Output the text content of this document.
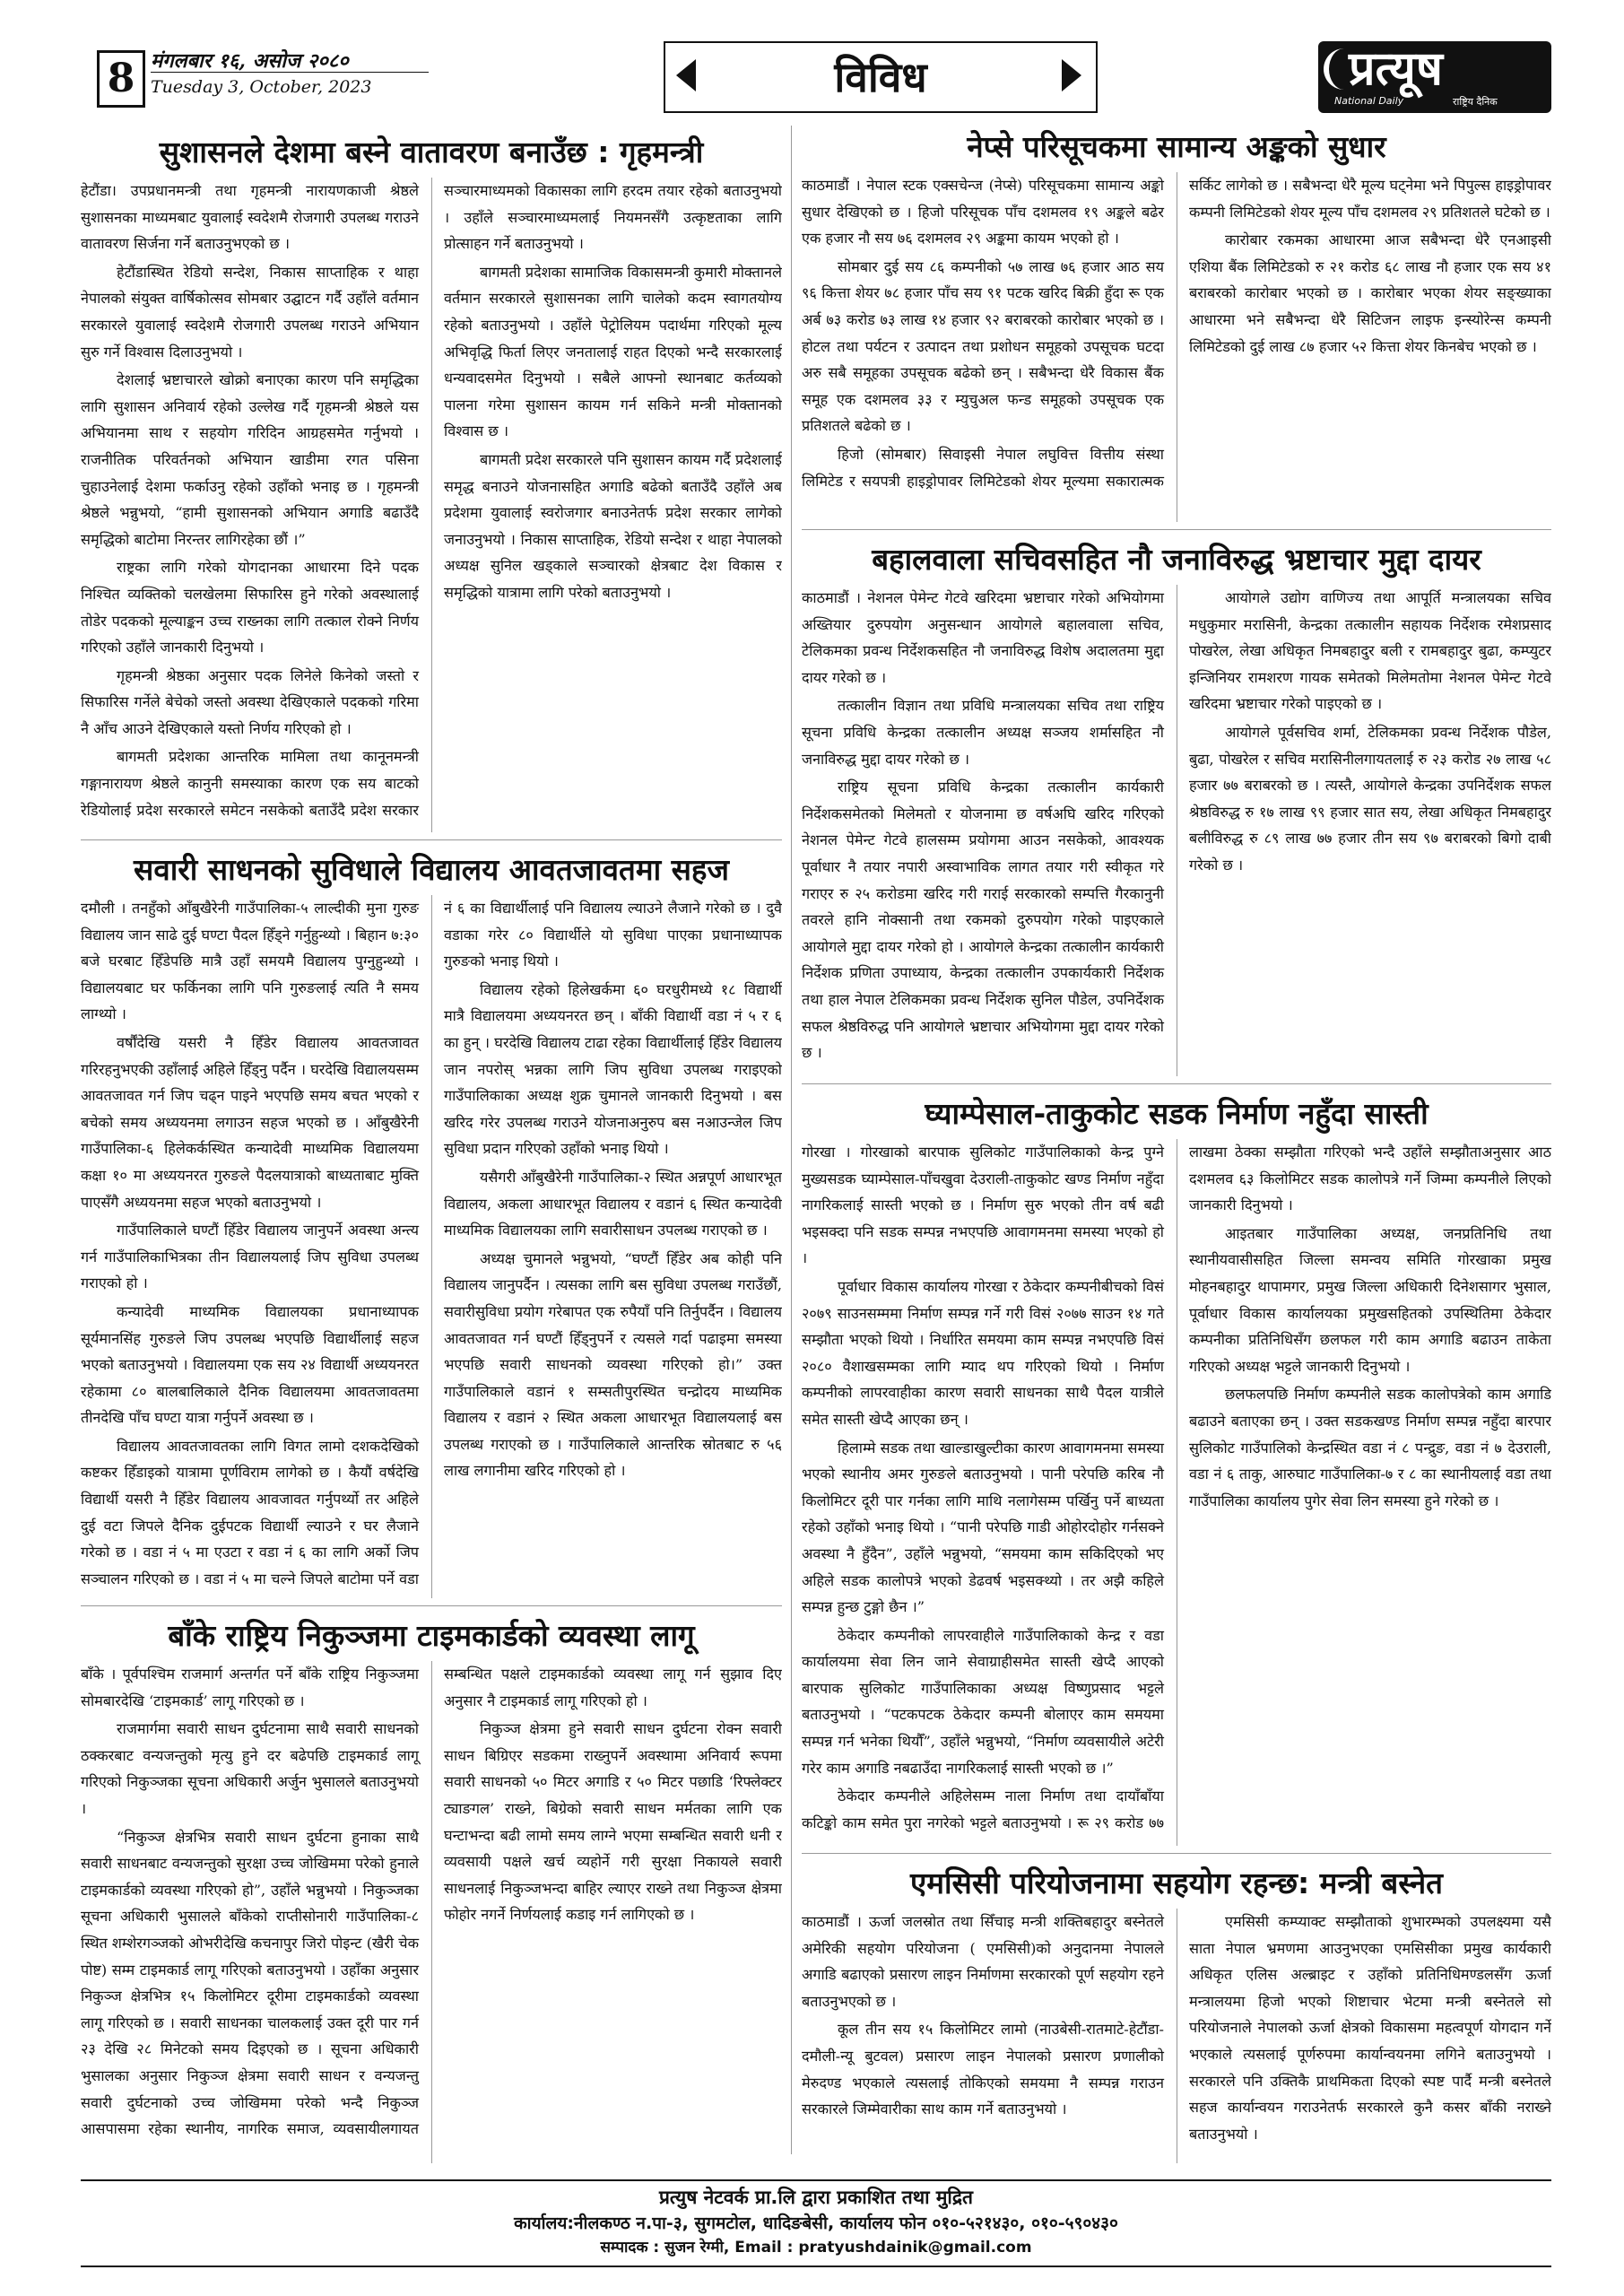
8 मंगलबार १६, असोज २०८०
Tuesday 3, October, 2023	विविध	प्रत्यूष
National Daily	राष्ट्रिय दैनिक
सुशासनले देशमा बस्ने वातावरण बनाउँछ : गृहमन्त्री

हेटौंडा। उपप्रधानमन्त्री तथा गृहमन्त्री नारायणकाजी श्रेष्ठले सुशासनका माध्यमबाट युवालाई स्वदेशमै रोजगारी उपलब्ध गराउने वातावरण सिर्जना गर्ने बताउनुभएको छ ।

हेटौंडास्थित रेडियो सन्देश, निकास साप्ताहिक र थाहा नेपालको संयुक्त वार्षिकोत्सव सोमबार उद्घाटन गर्दै उहाँले वर्तमान सरकारले युवालाई स्वदेशमै रोजगारी उपलब्ध गराउने अभियान सुरु गर्ने विश्वास दिलाउनुभयो ।

देशलाई भ्रष्टाचारले खोक्रो बनाएका कारण पनि समृद्धिका लागि सुशासन अनिवार्य रहेको उल्लेख गर्दै गृहमन्त्री श्रेष्ठले यस अभियानमा साथ र सहयोग गरिदिन आग्रहसमेत गर्नुभयो । राजनीतिक परिवर्तनको अभियान खाडीमा रगत पसिना चुहाउनेलाई देशमा फर्काउनु रहेको उहाँको भनाइ छ । गृहमन्त्री श्रेष्ठले भन्नुभयो, “हामी सुशासनको अभियान अगाडि बढाउँदै समृद्धिको बाटोमा निरन्तर लागिरहेका छौं ।”

राष्ट्रका लागि गरेको योगदानका आधारमा दिने पदक निश्चित व्यक्तिको चलखेलमा सिफारिस हुने गरेको अवस्थालाई तोडेर पदकको मूल्याङ्कन उच्च राख्नका लागि तत्काल रोक्ने निर्णय गरिएको उहाँले जानकारी दिनुभयो ।

गृहमन्त्री श्रेष्ठका अनुसार पदक लिनेले किनेको जस्तो र सिफारिस गर्नेले बेचेको जस्तो अवस्था देखिएकाले पदकको गरिमा नै आँच आउने देखिएकाले यस्तो निर्णय गरिएको हो ।

बागमती प्रदेशका आन्तरिक मामिला तथा कानूनमन्त्री गङ्गानारायण श्रेष्ठले कानुनी समस्याका कारण एक सय बाटको रेडियोलाई प्रदेश सरकारले समेटन नसकेको बताउँदै प्रदेश सरकार सञ्चारमाध्यमको विकासका लागि हरदम तयार रहेको बताउनुभयो । उहाँले सञ्चारमाध्यमलाई नियमनसँगै उत्कृष्टताका लागि प्रोत्साहन गर्ने बताउनुभयो ।

बागमती प्रदेशका सामाजिक विकासमन्त्री कुमारी मोक्तानले वर्तमान सरकारले सुशासनका लागि चालेको कदम स्वागतयोग्य रहेको बताउनुभयो । उहाँले पेट्रोलियम पदार्थमा गरिएको मूल्य अभिवृद्धि फिर्ता लिएर जनतालाई राहत दिएको भन्दै सरकारलाई धन्यवादसमेत दिनुभयो । सबैले आफ्नो स्थानबाट कर्तव्यको पालना गरेमा सुशासन कायम गर्न सकिने मन्त्री मोक्तानको विश्वास छ ।

बागमती प्रदेश सरकारले पनि सुशासन कायम गर्दै प्रदेशलाई समृद्ध बनाउने योजनासहित अगाडि बढेको बताउँदै उहाँले अब प्रदेशमा युवालाई स्वरोजगार बनाउनेतर्फ प्रदेश सरकार लागेको जनाउनुभयो । निकास साप्ताहिक, रेडियो सन्देश र थाहा नेपालको अध्यक्ष सुनिल खड्काले सञ्चारको क्षेत्रबाट देश विकास र समृद्धिको यात्रामा लागि परेको बताउनुभयो ।

सवारी साधनको सुविधाले विद्यालय आवतजावतमा सहज

दमौली । तनहुँको आँबुखैरेनी गाउँपालिका-५ लाल्दीकी मुना गुरुङ विद्यालय जान साढे दुई घण्टा पैदल हिँड्ने गर्नुहुन्थ्यो । बिहान ७:३० बजे घरबाट हिँडेपछि मात्रै उहाँ समयमै विद्यालय पुग्नुहुन्थ्यो । विद्यालयबाट घर फर्किनका लागि पनि गुरुङलाई त्यति नै समय लाग्थ्यो ।

वर्षौंदेखि यसरी नै हिँडेर विद्यालय आवतजावत गरिरहनुभएकी उहाँलाई अहिले हिँड्नु पर्दैन । घरदेखि विद्यालयसम्म आवतजावत गर्न जिप चढ्न पाइने भएपछि समय बचत भएको र बचेको समय अध्ययनमा लगाउन सहज भएको छ । आँबुखैरेनी गाउँपालिका-६ हिलेकर्कस्थित कन्यादेवी माध्यमिक विद्यालयमा कक्षा १० मा अध्ययनरत गुरुङले पैदलयात्राको बाध्यताबाट मुक्ति पाएसँगै अध्ययनमा सहज भएको बताउनुभयो ।

गाउँपालिकाले घण्टौं हिँडेर विद्यालय जानुपर्ने अवस्था अन्त्य गर्न गाउँपालिकाभित्रका तीन विद्यालयलाई जिप सुविधा उपलब्ध गराएको हो ।

कन्यादेवी माध्यमिक विद्यालयका प्रधानाध्यापक सूर्यमानसिंह गुरुङले जिप उपलब्ध भएपछि विद्यार्थीलाई सहज भएको बताउनुभयो । विद्यालयमा एक सय २४ विद्यार्थी अध्ययनरत रहेकामा ८० बालबालिकाले दैनिक विद्यालयमा आवतजावतमा तीनदेखि पाँच घण्टा यात्रा गर्नुपर्ने अवस्था छ ।

विद्यालय आवतजावतका लागि विगत लामो दशकदेखिको कष्टकर हिँडाइको यात्रामा पूर्णविराम लागेको छ । कैयौं वर्षदेखि विद्यार्थी यसरी नै हिँडेर विद्यालय आवजावत गर्नुपर्थ्यो तर अहिले दुई वटा जिपले दैनिक दुईपटक विद्यार्थी ल्याउने र घर लैजाने गरेको छ । वडा नं ५ मा एउटा र वडा नं ६ का लागि अर्को जिप सञ्चालन गरिएको छ । वडा नं ५ मा चल्ने जिपले बाटोमा पर्ने वडा नं ६ का विद्यार्थीलाई पनि विद्यालय ल्याउने लैजाने गरेको छ । दुवै वडाका गरेर ८० विद्यार्थीले यो सुविधा पाएका प्रधानाध्यापक गुरुङको भनाइ थियो ।

विद्यालय रहेको हिलेखर्कमा ६० घरधुरीमध्ये १८ विद्यार्थी मात्रै विद्यालयमा अध्ययनरत छन् । बाँकी विद्यार्थी वडा नं ५ र ६ का हुन् । घरदेखि विद्यालय टाढा रहेका विद्यार्थीलाई हिँडेर विद्यालय जान नपरोस् भन्नका लागि जिप सुविधा उपलब्ध गराइएको गाउँपालिकाका अध्यक्ष शुक्र चुमानले जानकारी दिनुभयो । बस खरिद गरेर उपलब्ध गराउने योजनाअनुरुप बस नआउन्जेल जिप सुविधा प्रदान गरिएको उहाँको भनाइ थियो ।

यसैगरी आँबुखैरेनी गाउँपालिका-२ स्थित अन्नपूर्ण आधारभूत विद्यालय, अकला आधारभूत विद्यालय र वडानं ६ स्थित कन्यादेवी माध्यमिक विद्यालयका लागि सवारीसाधन उपलब्ध गराएको छ ।

अध्यक्ष चुमानले भन्नुभयो, “घण्टौं हिँडेर अब कोही पनि विद्यालय जानुपर्दैन । त्यसका लागि बस सुविधा उपलब्ध गराउँछौं, सवारीसुविधा प्रयोग गरेबापत एक रुपैयाँ पनि तिर्नुपर्दैन । विद्यालय आवतजावत गर्न घण्टौं हिँड्नुपर्ने र त्यसले गर्दा पढाइमा समस्या भएपछि सवारी साधनको व्यवस्था गरिएको हो।” उक्त गाउँपालिकाले वडानं १ सम्सतीपुरस्थित चन्द्रोदय माध्यमिक विद्यालय र वडानं २ स्थित अकला आधारभूत विद्यालयलाई बस उपलब्ध गराएको छ । गाउँपालिकाले आन्तरिक स्रोतबाट रु ५६ लाख लगानीमा खरिद गरिएको हो ।

बाँके राष्ट्रिय निकुञ्जमा टाइमकार्डको व्यवस्था लागू

बाँके । पूर्वपश्चिम राजमार्ग अन्तर्गत पर्ने बाँके राष्ट्रिय निकुञ्जमा सोमबारदेखि ‘टाइमकार्ड’ लागू गरिएको छ ।

राजमार्गमा सवारी साधन दुर्घटनामा साथै सवारी साधनको ठक्करबाट वन्यजन्तुको मृत्यु हुने दर बढेपछि टाइमकार्ड लागू गरिएको निकुञ्जका सूचना अधिकारी अर्जुन भुसालले बताउनुभयो ।

“निकुञ्ज क्षेत्रभित्र सवारी साधन दुर्घटना हुनाका साथै सवारी साधनबाट वन्यजन्तुको सुरक्षा उच्च जोखिममा परेको हुनाले टाइमकार्डको व्यवस्था गरिएको हो”, उहाँले भन्नुभयो । निकुञ्जका सूचना अधिकारी भुसालले बाँकेको राप्तीसोनारी गाउँपालिका-८ स्थित शम्शेरगञ्जको ओभरीदेखि कचनापुर जिरो पोइन्ट (खैरी चेक पोष्ट) सम्म टाइमकार्ड लागू गरिएको बताउनुभयो । उहाँका अनुसार निकुञ्ज क्षेत्रभित्र १५ किलोमिटर दूरीमा टाइमकार्डको व्यवस्था लागू गरिएको छ । सवारी साधनका चालकलाई उक्त दूरी पार गर्न २३ देखि २८ मिनेटको समय दिइएको छ । सूचना अधिकारी भुसालका अनुसार निकुञ्ज क्षेत्रमा सवारी साधन र वन्यजन्तु सवारी दुर्घटनाको उच्च जोखिममा परेको भन्दै निकुञ्ज आसपासमा रहेका स्थानीय, नागरिक समाज, व्यवसायीलगायत सम्बन्धित पक्षले टाइमकार्डको व्यवस्था लागू गर्न सुझाव दिए अनुसार नै टाइमकार्ड लागू गरिएको हो ।

निकुञ्ज क्षेत्रमा हुने सवारी साधन दुर्घटना रोक्न सवारी साधन बिग्रिएर सडकमा राख्नुपर्ने अवस्थामा अनिवार्य रूपमा सवारी साधनको ५० मिटर अगाडि र ५० मिटर पछाडि ‘रिफ्लेक्टर ट्याङगल’ राख्ने, बिग्रेको सवारी साधन मर्मतका लागि एक घन्टाभन्दा बढी लामो समय लाग्ने भएमा सम्बन्धित सवारी धनी र व्यवसायी पक्षले खर्च व्यहोर्ने गरी सुरक्षा निकायले सवारी साधनलाई निकुञ्जभन्दा बाहिर ल्याएर राख्ने तथा निकुञ्ज क्षेत्रमा फोहोर नगर्ने निर्णयलाई कडाइ गर्न लागिएको छ ।

नेप्से परिसूचकमा सामान्य अङ्कको सुधार

काठमाडौं । नेपाल स्टक एक्सचेन्ज (नेप्से) परिसूचकमा सामान्य अङ्को सुधार देखिएको छ । हिजो परिसूचक पाँच दशमलव १९ अङ्कले बढेर एक हजार नौ सय ७६ दशमलव २९ अङ्कमा कायम भएको हो ।

सोमबार दुई सय ८६ कम्पनीको ५७ लाख ७६ हजार आठ सय ९६ कित्ता शेयर ७८ हजार पाँच सय ९१ पटक खरिद बिक्री हुँदा रू एक अर्ब ७३ करोड ७३ लाख १४ हजार ९२ बराबरको कारोबार भएको छ । होटल तथा पर्यटन र उत्पादन तथा प्रशोधन समूहको उपसूचक घटदा अरु सबै समूहका उपसूचक बढेको छन् । सबैभन्दा धेरै विकास बैंक समूह एक दशमलव ३३ र म्युचुअल फन्ड समूहको उपसूचक एक प्रतिशतले बढेको छ ।

हिजो (सोमबार) सिवाइसी नेपाल लघुवित्त वित्तीय संस्था लिमिटेड र सयपत्री हाइड्रोपावर लिमिटेडको शेयर मूल्यमा सकारात्मक सर्किट लागेको छ । सबैभन्दा धेरै मूल्य घट्नेमा भने पिपुल्स हाइड्रोपावर कम्पनी लिमिटेडको शेयर मूल्य पाँच दशमलव २९ प्रतिशतले घटेको छ ।

कारोबार रकमका आधारमा आज सबैभन्दा धेरै एनआइसी एशिया बैंक लिमिटेडको रु २१ करोड ६८ लाख नौ हजार एक सय ४१ बराबरको कारोबार भएको छ । कारोबार भएका शेयर सङ्ख्याका आधारमा भने सबैभन्दा धेरै सिटिजन लाइफ इन्स्योरेन्स कम्पनी लिमिटेडको दुई लाख ८७ हजार ५२ कित्ता शेयर किनबेच भएको छ ।

बहालवाला सचिवसहित नौ जनाविरुद्ध भ्रष्टाचार मुद्दा दायर

काठमाडौं । नेशनल पेमेन्ट गेटवे खरिदमा भ्रष्टाचार गरेको अभियोगमा अख्तियार दुरुपयोग अनुसन्धान आयोगले बहालवाला सचिव, टेलिकमका प्रवन्ध निर्देशकसहित नौ जनाविरुद्ध विशेष अदालतमा मुद्दा दायर गरेको छ ।

तत्कालीन विज्ञान तथा प्रविधि मन्त्रालयका सचिव तथा राष्ट्रिय सूचना प्रविधि केन्द्रका तत्कालीन अध्यक्ष सञ्जय शर्मासहित नौ जनाविरुद्ध मुद्दा दायर गरेको छ ।

राष्ट्रिय सूचना प्रविधि केन्द्रका तत्कालीन कार्यकारी निर्देशकसमेतको मिलेमतो र योजनामा छ वर्षअघि खरिद गरिएको नेशनल पेमेन्ट गेटवे हालसम्म प्रयोगमा आउन नसकेको, आवश्यक पूर्वाधार नै तयार नपारी अस्वाभाविक लागत तयार गरी स्वीकृत गरे गराएर रु २५ करोडमा खरिद गरी गराई सरकारको सम्पत्ति गैरकानुनी तवरले हानि नोक्सानी तथा रकमको दुरुपयोग गरेको पाइएकाले आयोगले मुद्दा दायर गरेको हो । आयोगले केन्द्रका तत्कालीन कार्यकारी निर्देशक प्रणिता उपाध्याय, केन्द्रका तत्कालीन उपकार्यकारी निर्देशक तथा हाल नेपाल टेलिकमका प्रवन्ध निर्देशक सुनिल पौडेल, उपनिर्देशक सफल श्रेष्ठविरुद्ध पनि आयोगले भ्रष्टाचार अभियोगमा मुद्दा दायर गरेको छ ।

आयोगले उद्योग वाणिज्य तथा आपूर्ति मन्त्रालयका सचिव मधुकुमार मरासिनी, केन्द्रका तत्कालीन सहायक निर्देशक रमेशप्रसाद पोखरेल, लेखा अधिकृत निमबहादुर बली र रामबहादुर बुढा, कम्प्युटर इन्जिनियर रामशरण गायक समेतको मिलेमतोमा नेशनल पेमेन्ट गेटवे खरिदमा भ्रष्टाचार गरेको पाइएको छ ।

आयोगले पूर्वसचिव शर्मा, टेलिकमका प्रवन्ध निर्देशक पौडेल, बुढा, पोखरेल र सचिव मरासिनीलगायतलाई रु २३ करोड २७ लाख ५८ हजार ७७ बराबरको छ । त्यस्तै, आयोगले केन्द्रका उपनिर्देशक सफल श्रेष्ठविरुद्ध रु १७ लाख ९९ हजार सात सय, लेखा अधिकृत निमबहादुर बलीविरुद्ध रु ८९ लाख ७७ हजार तीन सय ९७ बराबरको बिगो दाबी गरेको छ ।

घ्याम्पेसाल-ताकुकोट सडक निर्माण नहुँदा सास्ती

गोरखा । गोरखाको बारपाक सुलिकोट गाउँपालिकाको केन्द्र पुग्ने मुख्यसडक घ्याम्पेसाल-पाँचखुवा देउराली-ताकुकोट खण्ड निर्माण नहुँदा नागरिकलाई सास्ती भएको छ । निर्माण सुरु भएको तीन वर्ष बढी भइसक्दा पनि सडक सम्पन्न नभएपछि आवागमनमा समस्या भएको हो ।

पूर्वाधार विकास कार्यालय गोरखा र ठेकेदार कम्पनीबीचको विसं २०७९ साउनसम्ममा निर्माण सम्पन्न गर्ने गरी विसं २०७७ साउन १४ गते सम्झौता भएको थियो । निर्धारित समयमा काम सम्पन्न नभएपछि विसं २०८० वैशाखसम्मका लागि म्याद थप गरिएको थियो । निर्माण कम्पनीको लापरवाहीका कारण सवारी साधनका साथै पैदल यात्रीले समेत सास्ती खेप्दै आएका छन् ।

हिलाम्मे सडक तथा खाल्डाखुल्टीका कारण आवागमनमा समस्या भएको स्थानीय अमर गुरुङले बताउनुभयो । पानी परेपछि करिब नौ किलोमिटर दूरी पार गर्नका लागि माथि नलागेसम्म पर्खिनु पर्ने बाध्यता रहेको उहाँको भनाइ थियो । “पानी परेपछि गाडी ओहोरदोहोर गर्नसक्ने अवस्था नै हुँदैन”, उहाँले भन्नुभयो, “समयमा काम सकिदिएको भए अहिले सडक कालोपत्रे भएको डेढवर्ष भइसक्थ्यो । तर अझै कहिले सम्पन्न हुन्छ टुङ्गो छैन ।”

ठेकेदार कम्पनीको लापरवाहीले गाउँपालिकाको केन्द्र र वडा कार्यालयमा सेवा लिन जाने सेवाग्राहीसमेत सास्ती खेप्दै आएको बारपाक सुलिकोट गाउँपालिकाका अध्यक्ष विष्णुप्रसाद भट्टले बताउनुभयो । “पटकपटक ठेकेदार कम्पनी बोलाएर काम समयमा सम्पन्न गर्न भनेका थियौँ”, उहाँले भन्नुभयो, “निर्माण व्यवसायीले अटेरी गरेर काम अगाडि नबढाउँदा नागरिकलाई सास्ती भएको छ ।”

ठेकेदार कम्पनीले अहिलेसम्म नाला निर्माण तथा दायाँबाँया कटिङ्को काम समेत पुरा नगरेको भट्टले बताउनुभयो । रू २९ करोड ७७ लाखमा ठेक्का सम्झौता गरिएको भन्दै उहाँले सम्झौताअनुसार आठ दशमलव ६३ किलोमिटर सडक कालोपत्रे गर्ने जिम्मा कम्पनीले लिएको जानकारी दिनुभयो ।

आइतबार गाउँपालिका अध्यक्ष, जनप्रतिनिधि तथा स्थानीयवासीसहित जिल्ला समन्वय समिति गोरखाका प्रमुख मोहनबहादुर थापामगर, प्रमुख जिल्ला अधिकारी दिनेशसागर भुसाल, पूर्वाधार विकास कार्यालयका प्रमुखसहितको उपस्थितिमा ठेकेदार कम्पनीका प्रतिनिधिसँग छलफल गरी काम अगाडि बढाउन ताकेता गरिएको अध्यक्ष भट्टले जानकारी दिनुभयो ।

छलफलपछि निर्माण कम्पनीले सडक कालोपत्रेको काम अगाडि बढाउने बताएका छन् । उक्त सडकखण्ड निर्माण सम्पन्न नहुँदा बारपार सुलिकोट गाउँपालिको केन्द्रस्थित वडा नं ८ पन्द्रुङ, वडा नं ७ देउराली, वडा नं ६ ताकु, आरुघाट गाउँपालिका-७ र ८ का स्थानीयलाई वडा तथा गाउँपालिका कार्यालय पुगेर सेवा लिन समस्या हुने गरेको छ ।

एमसिसी परियोजनामा सहयोग रहन्छ: मन्त्री बस्नेत

काठमाडौं । ऊर्जा जलस्रोत तथा सिँचाइ मन्त्री शक्तिबहादुर बस्नेतले अमेरिकी सहयोग परियोजना ( एमसिसी)को अनुदानमा नेपालले अगाडि बढाएको प्रसारण लाइन निर्माणमा सरकारको पूर्ण सहयोग रहने बताउनुभएको छ ।

कूल तीन सय १५ किलोमिटर लामो (नाउबेसी-रातमाटे-हेटौंडा-दमौली-न्यू बुटवल) प्रसारण लाइन नेपालको प्रसारण प्रणालीको मेरुदण्ड भएकाले त्यसलाई तोकिएको समयमा नै सम्पन्न गराउन सरकारले जिम्मेवारीका साथ काम गर्ने बताउनुभयो ।

एमसिसी कम्प्याक्ट सम्झौताको शुभारम्भको उपलक्ष्यमा यसै साता नेपाल भ्रमणमा आउनुभएका एमसिसीका प्रमुख कार्यकारी अधिकृत एलिस अल्ब्राइट र उहाँको प्रतिनिधिमण्डलसँग ऊर्जा मन्त्रालयमा हिजो भएको शिष्टाचार भेटमा मन्त्री बस्नेतले सो परियोजनाले नेपालको ऊर्जा क्षेत्रको विकासमा महत्वपूर्ण योगदान गर्ने भएकाले त्यसलाई पूर्णरुपमा कार्यान्वयनमा लगिने बताउनुभयो । सरकारले पनि उक्तिकै प्राथमिकता दिएको स्पष्ट पार्दै मन्त्री बस्नेतले सहज कार्यान्वयन गराउनेतर्फ सरकारले कुनै कसर बाँकी नराख्ने बताउनुभयो ।

प्रत्युष नेटवर्क प्रा.लि द्वारा प्रकाशित तथा मुद्रित
कार्यालय:नीलकण्ठ न.पा-३, सुगमटोल, धादिङबेसी, कार्यालय फोन ०१०-५२१४३०, ०१०-५९०४३०
सम्पादक : सुजन रेग्मी, Email : pratyushdainik@gmail.com
